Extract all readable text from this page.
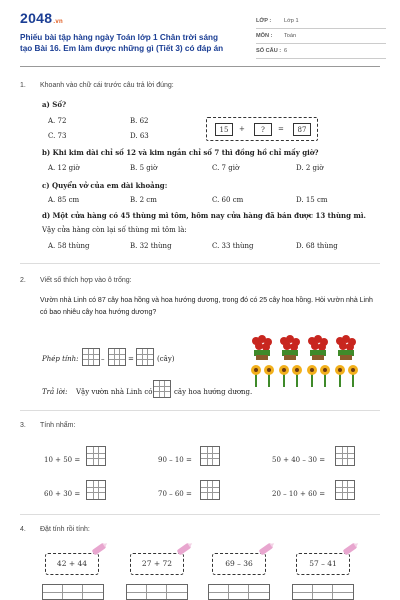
2048.vn
Phiếu bài tập hàng ngày Toán lớp 1 Chân trời sáng tạo Bài 16. Em làm được những gì (Tiết 3) có đáp án
LỚP : Lớp 1
MÔN : Toán
SỐ CÂU : 6
1. Khoanh vào chữ cái trước câu trả lời đúng:
a) Số?
A. 72	B. 62
C. 73	D. 63
15	+	?	=	87
b) Khi kim dài chỉ số 12 và kim ngắn chỉ số 7 thì đồng hồ chỉ mấy giờ?
A. 12 giờ	B. 5 giờ	C. 7 giờ	D. 2 giờ
c) Quyển vở của em dài khoảng:
A. 85 cm	B. 2 cm	C. 60 cm	D. 15 cm
d) Một cửa hàng có 45 thùng mì tôm, hôm nay cửa hàng đã bán được 13 thùng mì.
Vậy cửa hàng còn lại số thùng mì tôm là:
A. 58 thùng	B. 32 thùng	C. 33 thùng	D. 68 thùng
2. Viết số thích hợp vào ô trống:
Vườn nhà Linh có 87 cây hoa hồng và hoa hướng dương, trong đó có 25 cây hoa hồng. Hỏi vườn nhà Linh có bao nhiêu cây hoa hướng dương?
Phép tính:	–	=	(cây)
Trả lời: Vậy vườn nhà Linh có	cây hoa hướng dương.
3. Tính nhẩm:
10 + 50 =	90 – 10 =	50 + 40 – 30 =
60 + 30 =	70 – 60 =	20 – 10 + 60 =
4. Đặt tính rồi tính:
42 + 44	27 + 72	69 – 36	57 – 41
